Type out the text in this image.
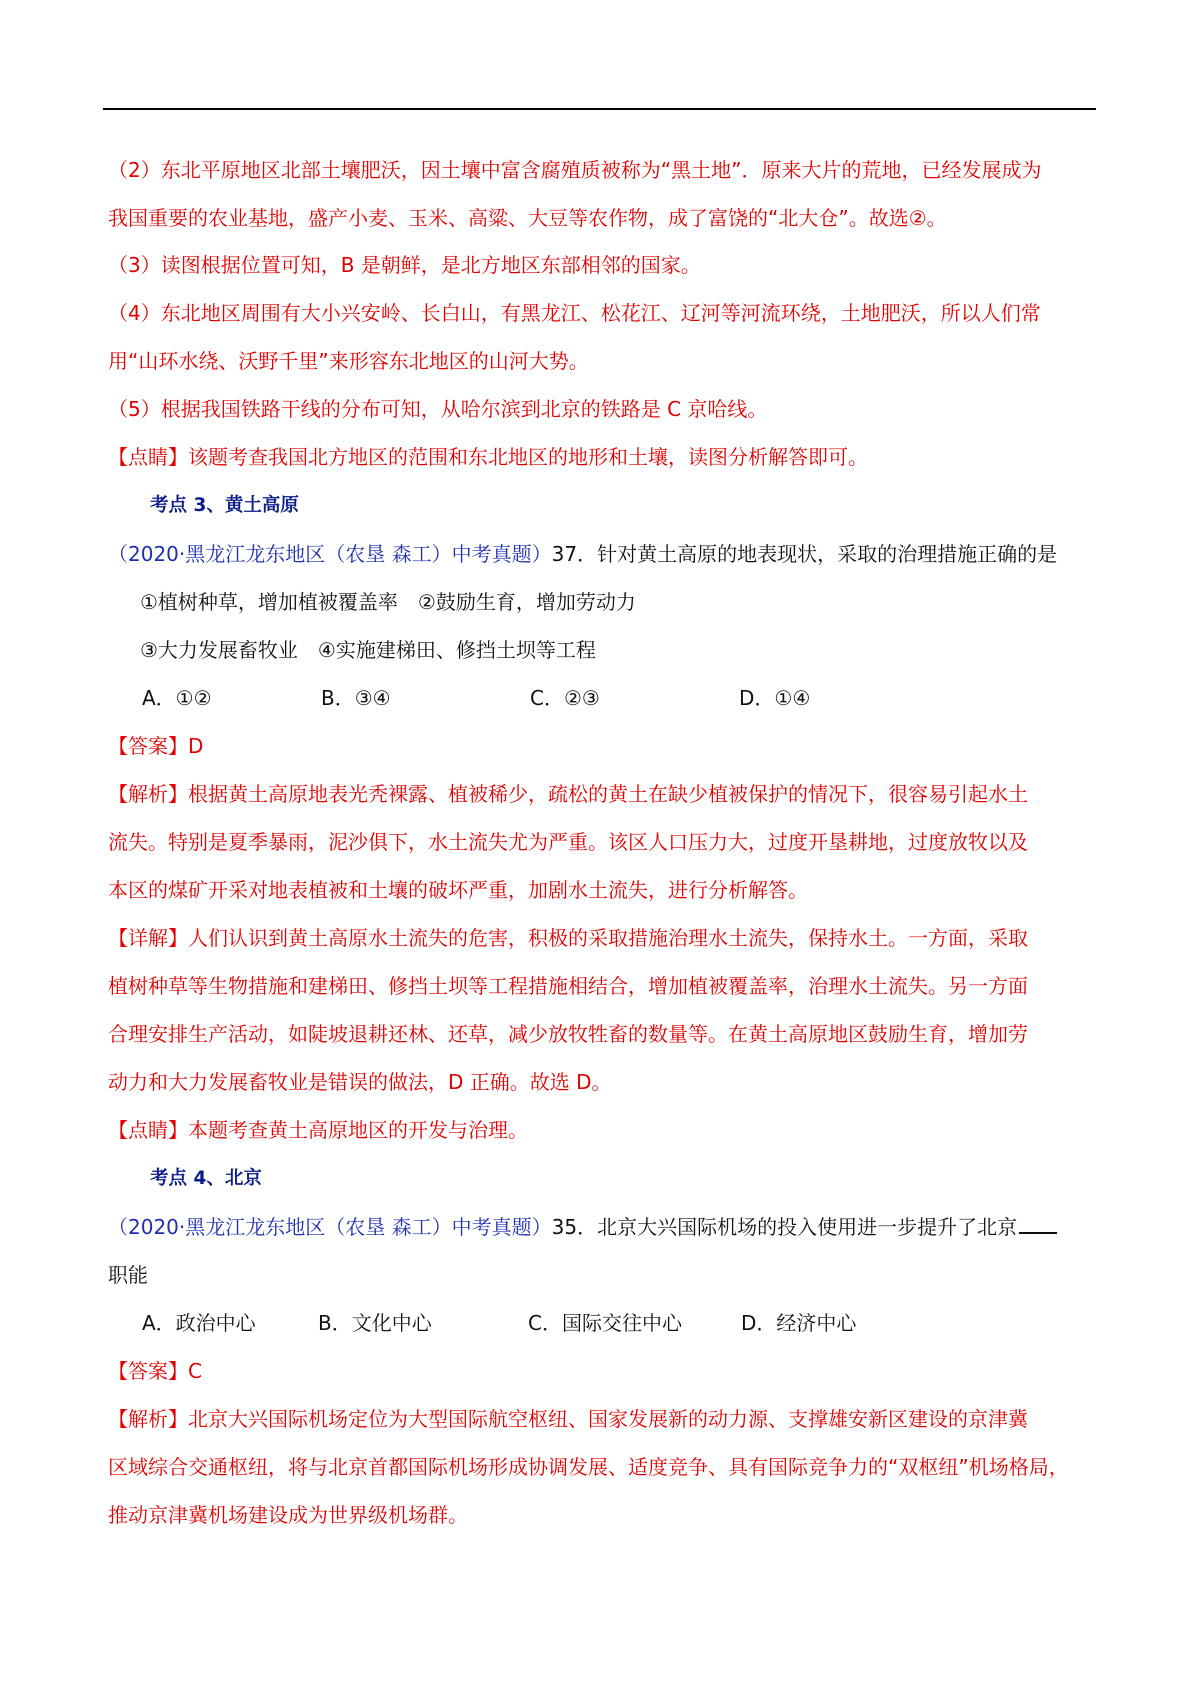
（2）东北平原地区北部土壤肥沃，因土壤中富含腐殖质被称为“黑土地”．原来大片的荒地，已经发展成为
我国重要的农业基地，盛产小麦、玉米、高粱、大豆等农作物，成了富饶的“北大仓”。故选②。
（3）读图根据位置可知，B 是朝鲜，是北方地区东部相邻的国家。
（4）东北地区周围有大小兴安岭、长白山，有黑龙江、松花江、辽河等河流环绕，土地肥沃，所以人们常
用“山环水绕、沃野千里”来形容东北地区的山河大势。
（5）根据我国铁路干线的分布可知，从哈尔滨到北京的铁路是 C 京哈线。
【点睛】该题考查我国北方地区的范围和东北地区的地形和土壤，读图分析解答即可。
考点 3、黄土高原
（2020·黑龙江龙东地区（农垦 森工）中考真题）37．针对黄土高原的地表现状，采取的治理措施正确的是
①植树种草，增加植被覆盖率　②鼓励生育，增加劳动力
③大力发展畜牧业　④实施建梯田、修挡土坝等工程
A．①②	B．③④	C．②③	D．①④
【答案】D
【解析】根据黄土高原地表光秃裸露、植被稀少，疏松的黄土在缺少植被保护的情况下，很容易引起水土
流失。特别是夏季暴雨，泥沙俱下，水土流失尤为严重。该区人口压力大，过度开垦耕地，过度放牧以及
本区的煤矿开采对地表植被和土壤的破坏严重，加剧水土流失，进行分析解答。
【详解】人们认识到黄土高原水土流失的危害，积极的采取措施治理水土流失，保持水土。一方面，采取
植树种草等生物措施和建梯田、修挡土坝等工程措施相结合，增加植被覆盖率，治理水土流失。另一方面
合理安排生产活动，如陡坡退耕还林、还草，减少放牧牲畜的数量等。在黄土高原地区鼓励生育，增加劳
动力和大力发展畜牧业是错误的做法，D 正确。故选 D。
【点睛】本题考查黄土高原地区的开发与治理。
考点 4、北京
（2020·黑龙江龙东地区（农垦 森工）中考真题）35．北京大兴国际机场的投入使用进一步提升了北京
职能
A．政治中心	B．文化中心	C．国际交往中心	D．经济中心
【答案】C
【解析】北京大兴国际机场定位为大型国际航空枢纽、国家发展新的动力源、支撑雄安新区建设的京津冀
区域综合交通枢纽，将与北京首都国际机场形成协调发展、适度竞争、具有国际竞争力的“双枢纽”机场格局，
推动京津冀机场建设成为世界级机场群。
